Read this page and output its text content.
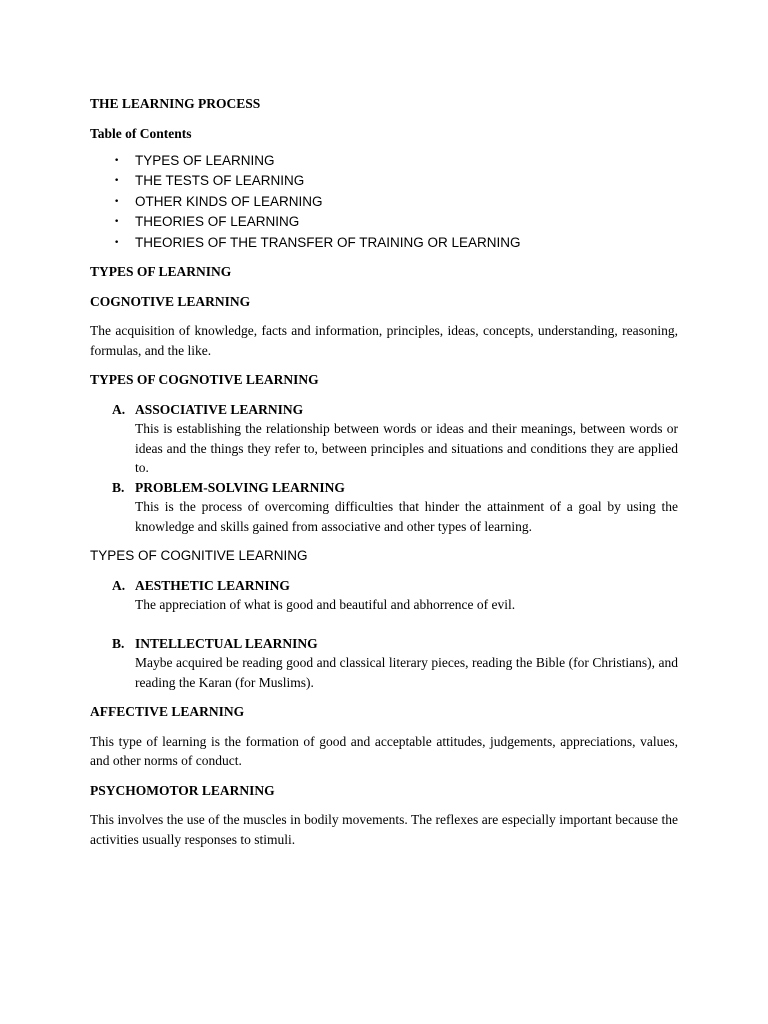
THE LEARNING PROCESS

Table of Contents

• TYPES OF LEARNING
• THE TESTS OF LEARNING
• OTHER KINDS OF LEARNING
• THEORIES OF LEARNING
• THEORIES OF THE TRANSFER OF TRAINING OR LEARNING

TYPES OF LEARNING

COGNOTIVE LEARNING

The acquisition of knowledge, facts and information, principles, ideas, concepts, understanding, reasoning, formulas, and the like.

TYPES OF COGNOTIVE LEARNING

A. ASSOCIATIVE LEARNING

This is establishing the relationship between words or ideas and their meanings, between words or ideas and the things they refer to, between principles and situations and conditions they are applied to.

B. PROBLEM-SOLVING LEARNING

This is the process of overcoming difficulties that hinder the attainment of a goal by using the knowledge and skills gained from associative and other types of learning.

TYPES OF COGNITIVE LEARNING

A. AESTHETIC LEARNING

The appreciation of what is good and beautiful and abhorrence of evil.

B. INTELLECTUAL LEARNING

Maybe acquired be reading good and classical literary pieces, reading the Bible (for Christians), and reading the Karan (for Muslims).

AFFECTIVE LEARNING

This type of learning is the formation of good and acceptable attitudes, judgements, appreciations, values, and other norms of conduct.

PSYCHOMOTOR LEARNING

This involves the use of the muscles in bodily movements. The reflexes are especially important because the activities usually responses to stimuli.
